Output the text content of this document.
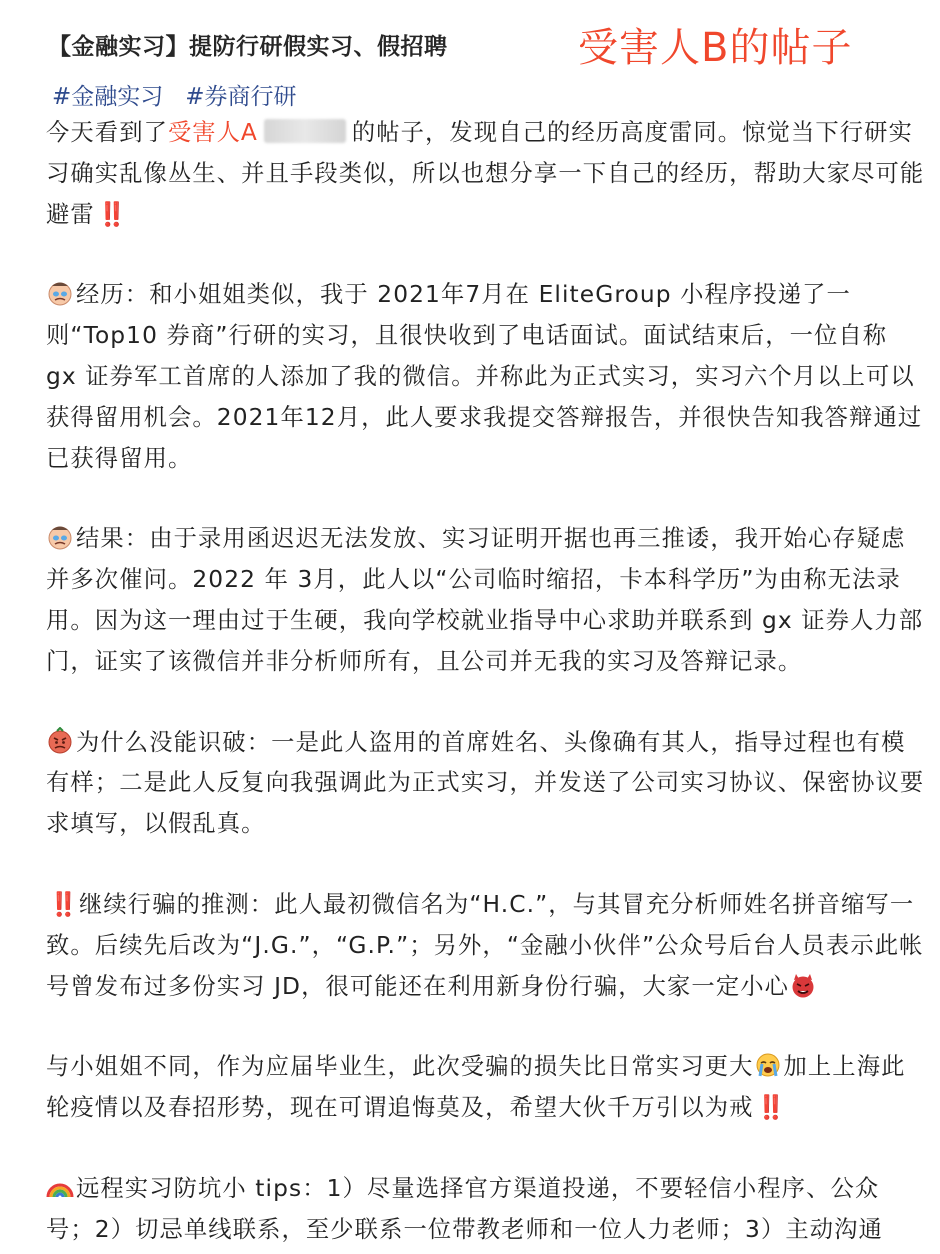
【金融实习】提防行研假实习、假招聘	受害人B的帖子
#金融实习 #券商行研

今天看到了受害人A	的帖子，发现自己的经历高度雷同。惊觉当下行研实习确实乱像丛生、并且手段类似，所以也想分享一下自己的经历，帮助大家尽可能避雷 ‼️

经历：和小姐姐类似，我于 2021年7月在 EliteGroup 小程序投递了一则“Top10 券商”行研的实习，且很快收到了电话面试。面试结束后，一位自称 gx 证券军工首席的人添加了我的微信。并称此为正式实习，实习六个月以上可以获得留用机会。2021年12月，此人要求我提交答辩报告，并很快告知我答辩通过已获得留用。

结果：由于录用函迟迟无法发放、实习证明开据也再三推诿，我开始心存疑虑并多次催问。2022 年 3月，此人以“公司临时缩招，卡本科学历”为由称无法录用。因为这一理由过于生硬，我向学校就业指导中心求助并联系到 gx 证券人力部门，证实了该微信并非分析师所有，且公司并无我的实习及答辩记录。

为什么没能识破：一是此人盗用的首席姓名、头像确有其人，指导过程也有模有样；二是此人反复向我强调此为正式实习，并发送了公司实习协议、保密协议要求填写，以假乱真。

‼️ 继续行骗的推测：此人最初微信名为“H.C.”，与其冒充分析师姓名拼音缩写一致。后续先后改为“J.G.”，“G.P.”；另外，“金融小伙伴”公众号后台人员表示此帐号曾发布过多份实习 JD，很可能还在利用新身份行骗，大家一定小心

与小姐姐不同，作为应届毕业生，此次受骗的损失比日常实习更大 加上上海此轮疫情以及春招形势，现在可谓追悔莫及，希望大伙千万引以为戒 ‼️

远程实习防坑小 tips：1）尽量选择官方渠道投递，不要轻信小程序、公众号；2）切忌单线联系，至少联系一位带教老师和一位人力老师；3）主动沟通
